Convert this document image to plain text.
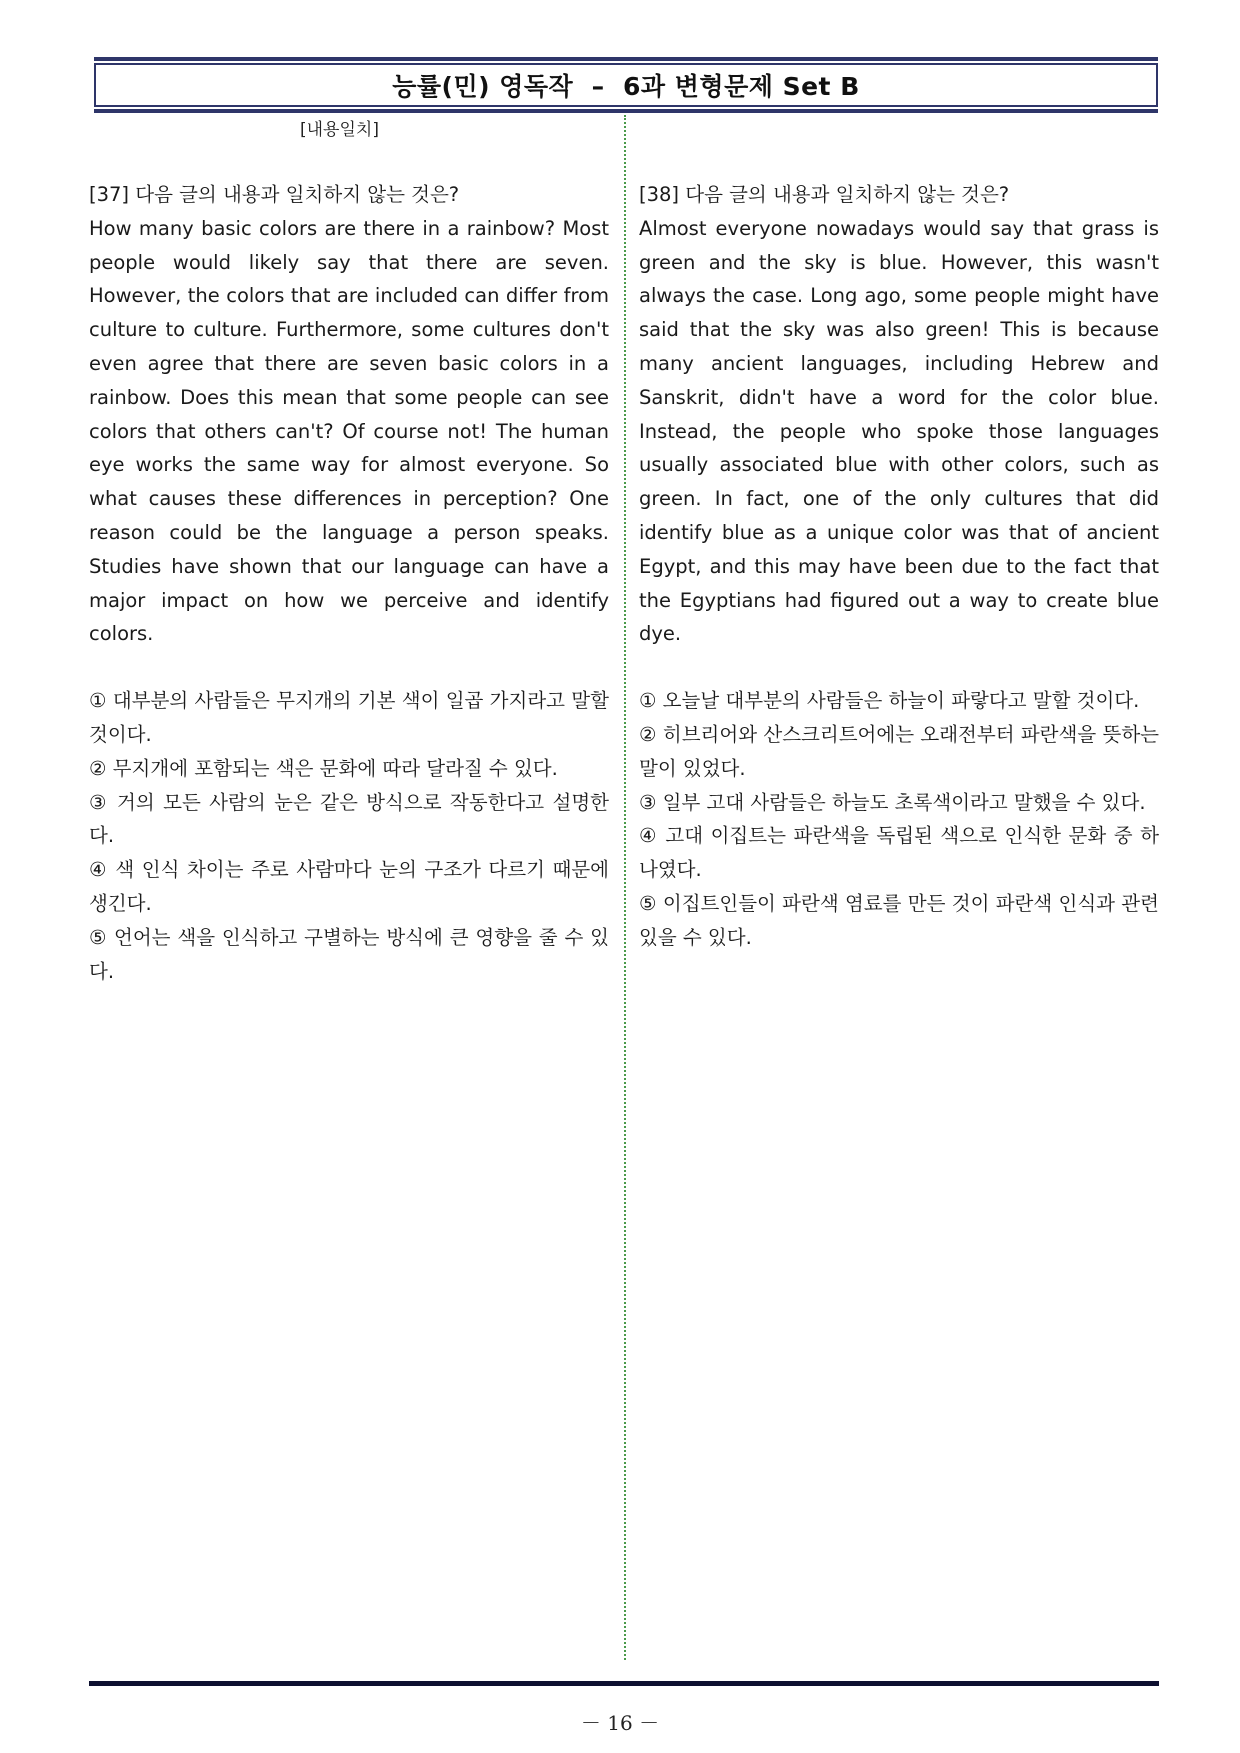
능률(민) 영독작  –  6과 변형문제 Set B
[내용일치]
[37] 다음 글의 내용과 일치하지 않는 것은?

How many basic colors are there in a rainbow? Most people would likely say that there are seven. However, the colors that are included can differ from culture to culture. Furthermore, some cultures don't even agree that there are seven basic colors in a rainbow. Does this mean that some people can see colors that others can't? Of course not! The human eye works the same way for almost everyone. So what causes these differences in perception? One reason could be the language a person speaks. Studies have shown that our language can have a major impact on how we perceive and identify colors.

① 대부분의 사람들은 무지개의 기본 색이 일곱 가지라고 말할 것이다.
② 무지개에 포함되는 색은 문화에 따라 달라질 수 있다.
③ 거의 모든 사람의 눈은 같은 방식으로 작동한다고 설명한다.
④ 색 인식 차이는 주로 사람마다 눈의 구조가 다르기 때문에 생긴다.
⑤ 언어는 색을 인식하고 구별하는 방식에 큰 영향을 줄 수 있다.
[38] 다음 글의 내용과 일치하지 않는 것은?

Almost everyone nowadays would say that grass is green and the sky is blue. However, this wasn't always the case. Long ago, some people might have said that the sky was also green! This is because many ancient languages, including Hebrew and Sanskrit, didn't have a word for the color blue. Instead, the people who spoke those languages usually associated blue with other colors, such as green. In fact, one of the only cultures that did identify blue as a unique color was that of ancient Egypt, and this may have been due to the fact that the Egyptians had figured out a way to create blue dye.

① 오늘날 대부분의 사람들은 하늘이 파랗다고 말할 것이다.
② 히브리어와 산스크리트어에는 오래전부터 파란색을 뜻하는 말이 있었다.
③ 일부 고대 사람들은 하늘도 초록색이라고 말했을 수 있다.
④ 고대 이집트는 파란색을 독립된 색으로 인식한 문화 중 하나였다.
⑤ 이집트인들이 파란색 염료를 만든 것이 파란색 인식과 관련 있을 수 있다.
－ 16 －
